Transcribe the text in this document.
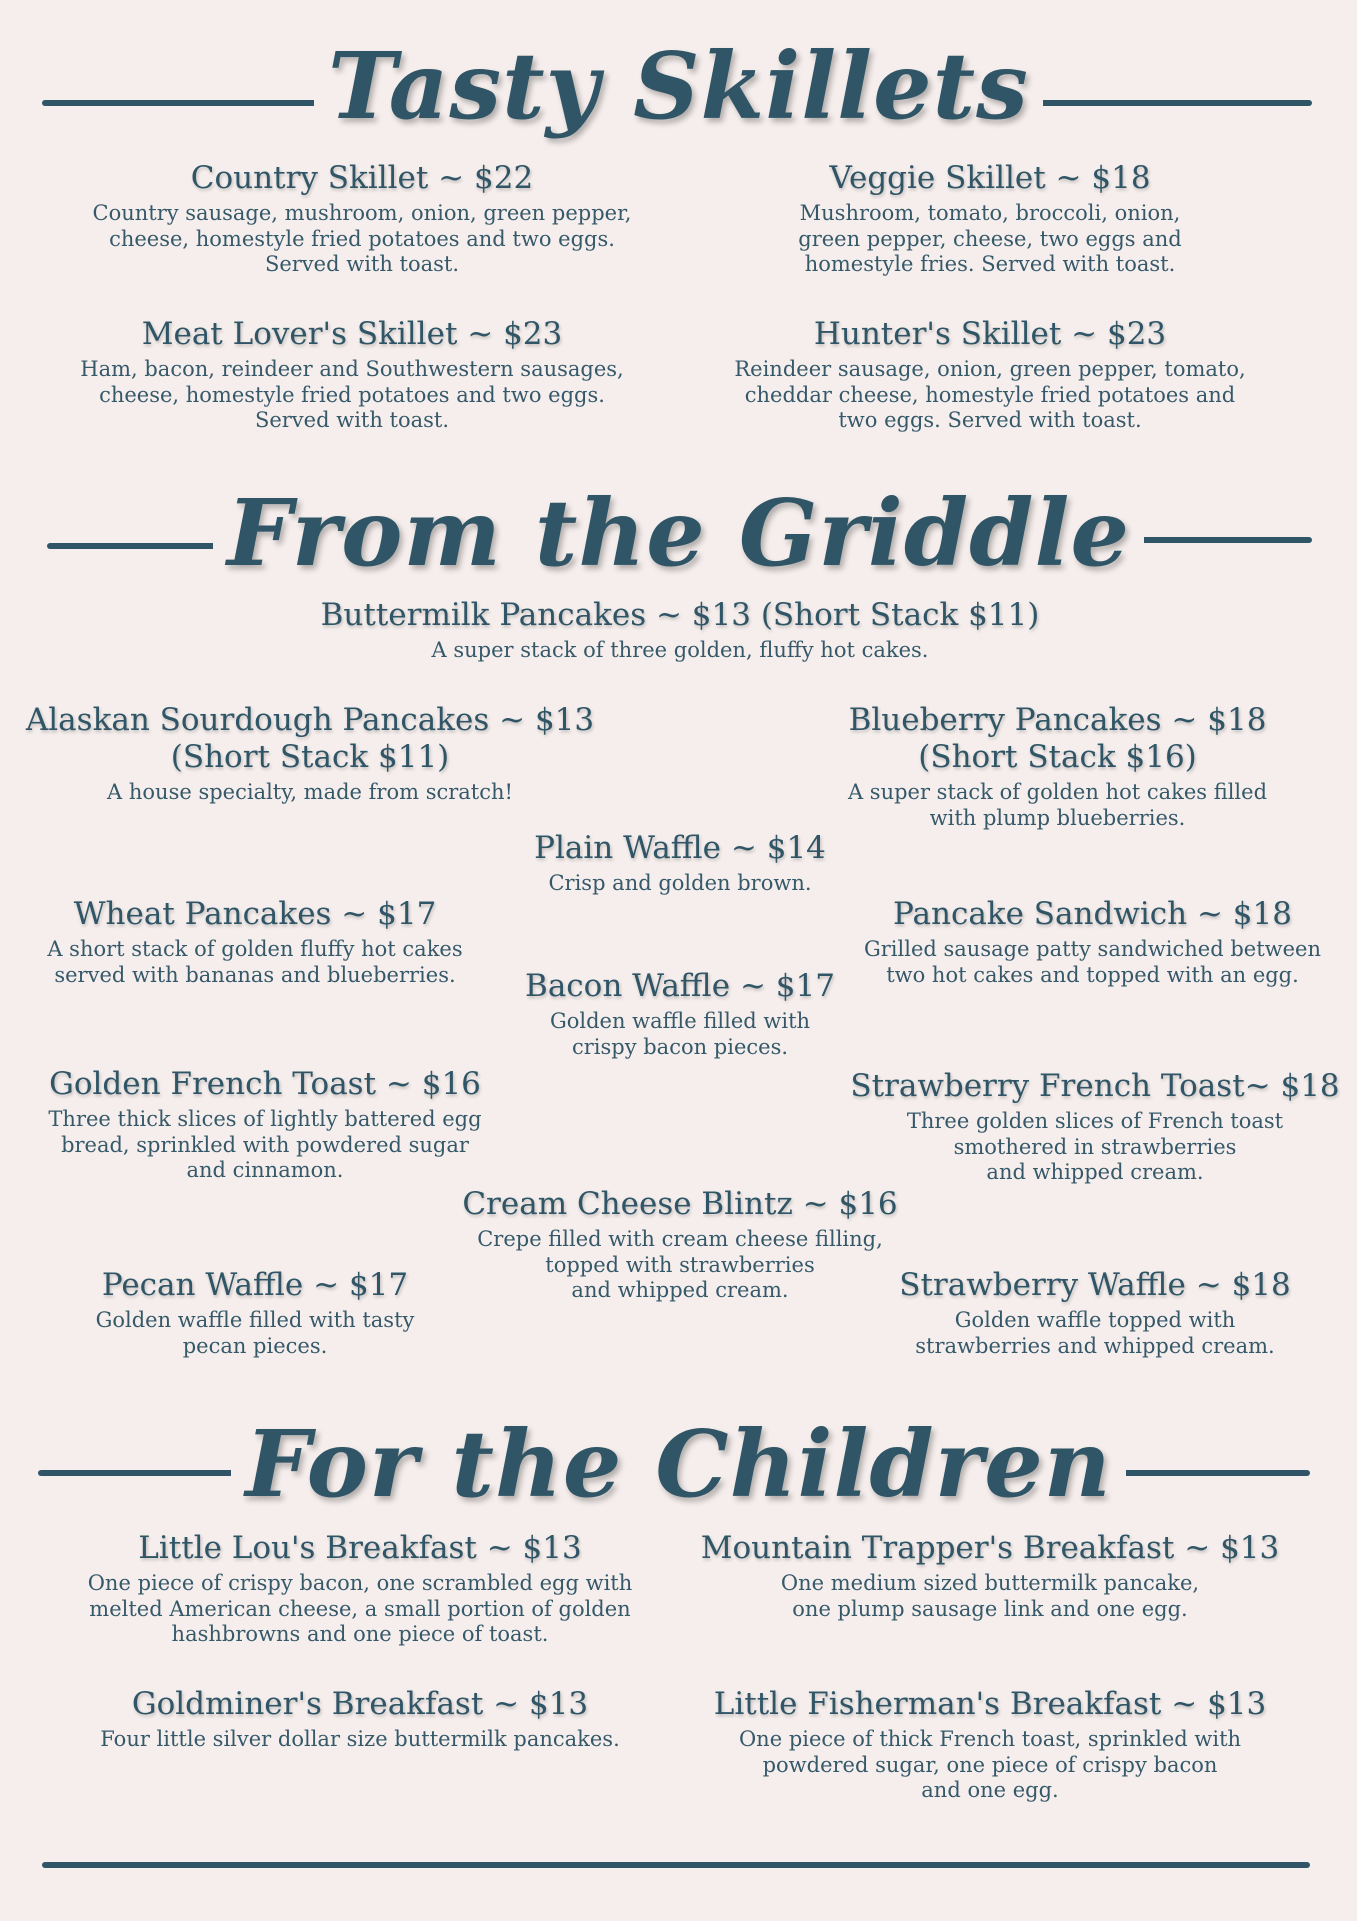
Tasty Skillets
Country Skillet ~ $22
Country sausage, mushroom, onion, green pepper,
cheese, homestyle fried potatoes and two eggs.
Served with toast.
Veggie Skillet ~ $18
Mushroom, tomato, broccoli, onion,
green pepper, cheese, two eggs and
homestyle fries. Served with toast.
Meat Lover's Skillet ~ $23
Ham, bacon, reindeer and Southwestern sausages,
cheese, homestyle fried potatoes and two eggs.
Served with toast.
Hunter's Skillet ~ $23
Reindeer sausage, onion, green pepper, tomato,
cheddar cheese, homestyle fried potatoes and
two eggs. Served with toast.
From the Griddle
Buttermilk Pancakes ~ $13 (Short Stack $11)
A super stack of three golden, fluffy hot cakes.
Alaskan Sourdough Pancakes ~ $13
(Short Stack $11)
A house specialty, made from scratch!
Blueberry Pancakes ~ $18
(Short Stack $16)
A super stack of golden hot cakes filled
with plump blueberries.
Plain Waffle ~ $14
Crisp and golden brown.
Wheat Pancakes ~ $17
A short stack of golden fluffy hot cakes
served with bananas and blueberries.
Pancake Sandwich ~ $18
Grilled sausage patty sandwiched between
two hot cakes and topped with an egg.
Bacon Waffle ~ $17
Golden waffle filled with
crispy bacon pieces.
Golden French Toast ~ $16
Three thick slices of lightly battered egg
bread, sprinkled with powdered sugar
and cinnamon.
Strawberry French Toast~ $18
Three golden slices of French toast
smothered in strawberries
and whipped cream.
Cream Cheese Blintz ~ $16
Crepe filled with cream cheese filling,
topped with strawberries
and whipped cream.
Pecan Waffle ~ $17
Golden waffle filled with tasty
pecan pieces.
Strawberry Waffle ~ $18
Golden waffle topped with
strawberries and whipped cream.
For the Children
Little Lou's Breakfast ~ $13
One piece of crispy bacon, one scrambled egg with
melted American cheese, a small portion of golden
hashbrowns and one piece of toast.
Mountain Trapper's Breakfast ~ $13
One medium sized buttermilk pancake,
one plump sausage link and one egg.
Goldminer's Breakfast ~ $13
Four little silver dollar size buttermilk pancakes.
Little Fisherman's Breakfast ~ $13
One piece of thick French toast, sprinkled with
powdered sugar, one piece of crispy bacon
and one egg.
